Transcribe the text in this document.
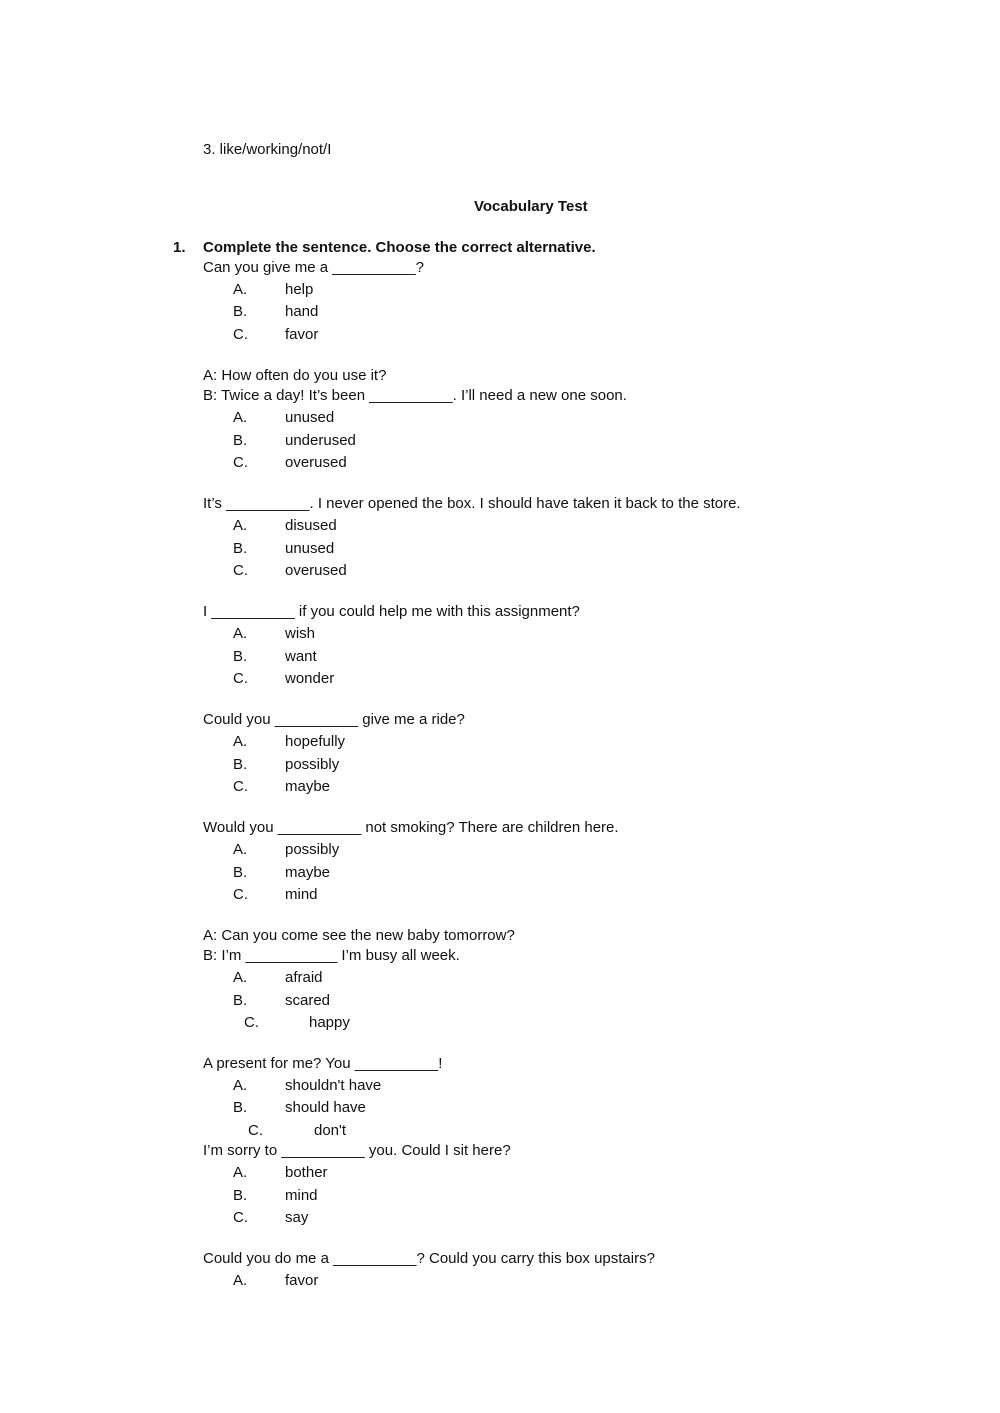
3. like/working/not/I
Vocabulary Test
1. Complete the sentence. Choose the correct alternative.
Can you give me a __________?
A.	help
B.	hand
C. favor
A: How often do you use it?
B: Twice a day! It’s been __________. I’ll need a new one soon.
A.	unused
B.	underused
C. overused
It’s __________. I never opened the box. I should have taken it back to the store.
A.	disused
B.	unused
C. overused
I __________ if you could help me with this assignment?
A.	wish
B.	want
C. wonder
Could you __________ give me a ride?
A.	hopefully
B.	possibly
C. maybe
Would you __________ not smoking? There are children here.
A.	possibly
B.	maybe
C. mind
A: Can you come see the new baby tomorrow?
B: I’m ___________ I’m busy all week.
A.	afraid
B.	scared
C.	happy
A present for me? You __________!
A.	shouldn't have
B.	should have
C.	don't
I’m sorry to __________ you. Could I sit here?
A.	bother
B.	mind
C. say
Could you do me a __________? Could you carry this box upstairs?
A.	favor
